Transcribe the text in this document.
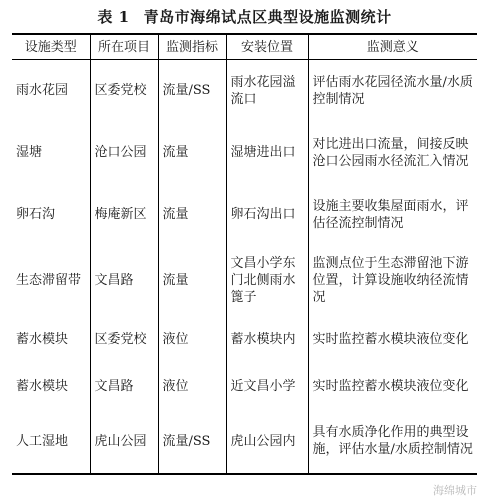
表 1 青岛市海绵试点区典型设施监测统计
设施类型	所在项目	监测指标	安装位置	监测意义
雨水花园	区委党校	流量/SS	雨水花园溢流口	评估雨水花园径流水量/水质控制情况
湿塘	沧口公园	流量	湿塘进出口	对比进出口流量，间接反映沧口公园雨水径流汇入情况
卵石沟	梅庵新区	流量	卵石沟出口	设施主要收集屋面雨水，评估径流控制情况
生态滞留带	文昌路	流量	文昌小学东门北侧雨水篦子	监测点位于生态滞留池下游位置，计算设施收纳径流情况
蓄水模块	区委党校	液位	蓄水模块内	实时监控蓄水模块液位变化
蓄水模块	文昌路	液位	近文昌小学	实时监控蓄水模块液位变化
人工湿地	虎山公园	流量/SS	虎山公园内	具有水质净化作用的典型设施，评估水量/水质控制情况
海绵城市
